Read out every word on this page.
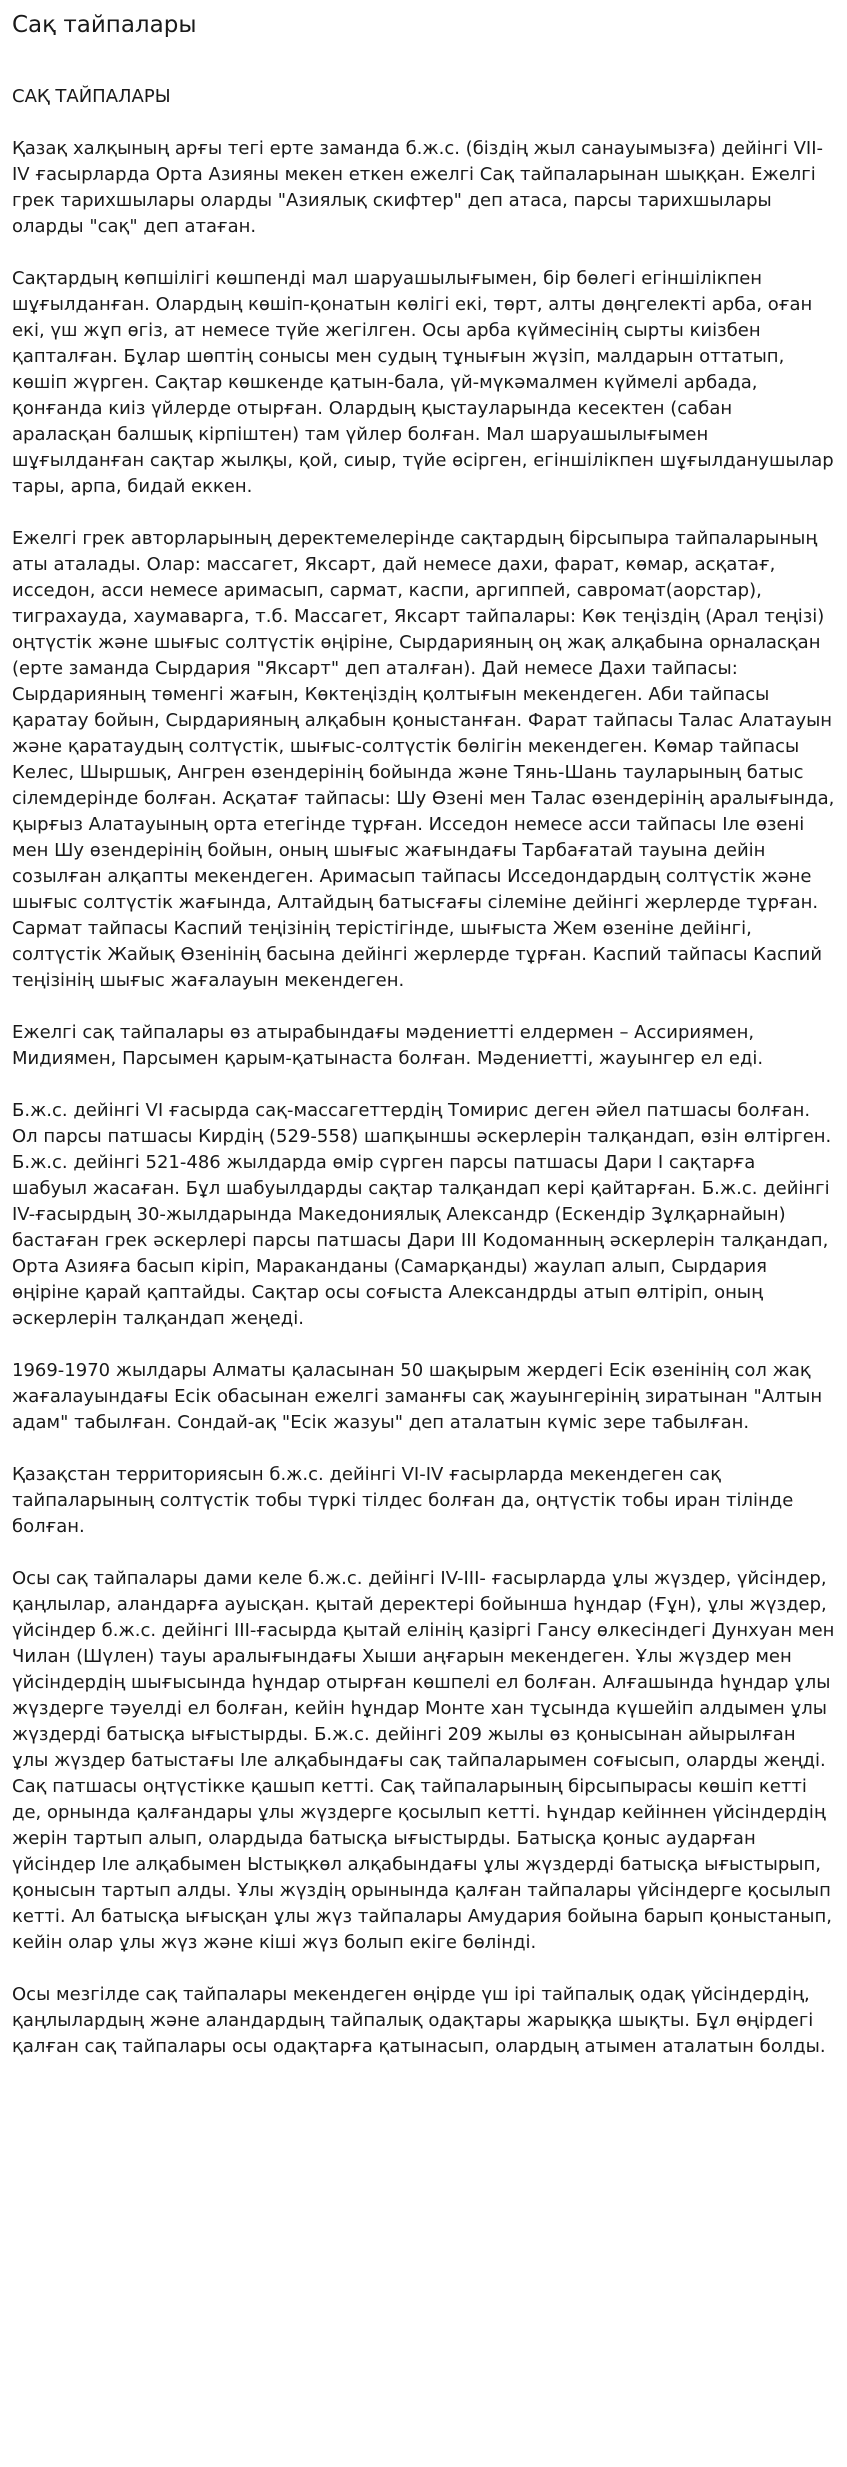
Сақ тайпалары
САҚ ТАЙПАЛАРЫ

Қазақ халқының арғы тегі ерте заманда б.ж.с. (біздің жыл санауымызға) дейінгі VII-IV ғасырларда Орта Азияны мекен еткен ежелгі Сақ тайпаларынан шыққан. Ежелгі грек тарихшылары оларды "Азиялық скифтер" деп атаса, парсы тарихшылары оларды "сақ" деп атаған.

Сақтардың көпшілігі көшпенді мал шаруашылығымен, бір бөлегі егіншілікпен шұғылданған. Олардың көшіп-қонатын көлігі екі, төрт, алты дөңгелекті арба, оған екі, үш жұп өгіз, ат немесе түйе жегілген. Осы арба күймесінің сырты киізбен қапталған. Бұлар шөптің сонысы мен судың тұнығын жүзіп, малдарын оттатып, көшіп жүрген. Сақтар көшкенде қатын-бала, үй-мүкәмалмен күймелі арбада, қонғанда киіз үйлерде отырған. Олардың қыстауларында кесектен (сабан араласқан балшық кірпіштен) там үйлер болған. Мал шаруашылығымен шұғылданған сақтар жылқы, қой, сиыр, түйе өсірген, егіншілікпен шұғылданушылар тары, арпа, бидай еккен.

Ежелгі грек авторларының деректемелерінде сақтардың бірсыпыра тайпаларының аты аталады. Олар: массагет, Яксарт, дай немесе дахи, фарат, көмар, асқатағ, исседон, асси немесе аримасып, сармат, каспи, аргиппей, савромат(аорстар), тиграхауда, хаумаварга, т.б. Массагет, Яксарт тайпалары: Көк теңіздің (Арал теңізі) оңтүстік және шығыс солтүстік өңіріне, Сырдарияның оң жақ алқабына орналасқан (ерте заманда Сырдария "Яксарт" деп аталған). Дай немесе Дахи тайпасы: Сырдарияның төменгі жағын, Көктеңіздің қолтығын мекендеген. Аби тайпасы қаратау бойын, Сырдарияның алқабын қоныстанған. Фарат тайпасы Талас Алатауын және қаратаудың солтүстік, шығыс-солтүстік бөлігін мекендеген. Көмар тайпасы Келес, Шыршық, Ангрен өзендерінің бойында және Тянь-Шань тауларының батыс сілемдерінде болған. Асқатағ тайпасы: Шу Өзені мен Талас өзендерінің аралығында, қырғыз Алатауының орта етегінде тұрған. Исседон немесе асси тайпасы Іле өзені мен Шу өзендерінің бойын, оның шығыс жағындағы Тарбағатай тауына дейін созылған алқапты мекендеген. Аримасып тайпасы Исседондардың солтүстік және шығыс солтүстік жағында, Алтайдың батысғағы сілеміне дейінгі жерлерде тұрған. Сармат тайпасы Каспий теңізінің терістігінде, шығыста Жем өзеніне дейінгі, солтүстік Жайық Өзенінің басына дейінгі жерлерде тұрған. Каспий тайпасы Каспий теңізінің шығыс жағалауын мекендеген.

Ежелгі сақ тайпалары өз атырабындағы мәдениетті елдермен – Ассириямен, Мидиямен, Парсымен қарым-қатынаста болған. Мәдениетті, жауынгер ел еді.

Б.ж.с. дейінгі VI ғасырда сақ-массагеттердің Томирис деген әйел патшасы болған. Ол парсы патшасы Кирдің (529-558) шапқыншы әскерлерін талқандап, өзін өлтірген. Б.ж.с. дейінгі 521-486 жылдарда өмір сүрген парсы патшасы Дари I сақтарға шабуыл жасаған. Бұл шабуылдарды сақтар талқандап кері қайтарған. Б.ж.с. дейінгі IV-ғасырдың 30-жылдарында Македониялық Александр (Ескендір Зұлқарнайын) бастаған грек әскерлері парсы патшасы Дари III Кодоманның әскерлерін талқандап, Орта Азияға басып кіріп, Мараканданы (Самарқанды) жаулап алып, Сырдария өңіріне қарай қаптайды. Сақтар осы соғыста Александрды атып өлтіріп, оның әскерлерін талқандап жеңеді.

1969-1970 жылдары Алматы қаласынан 50 шақырым жердегі Есік өзенінің сол жақ жағалауындағы Есік обасынан ежелгі заманғы сақ жауынгерінің зиратынан "Алтын адам" табылған. Сондай-ақ "Есік жазуы" деп аталатын күміс зере табылған.

Қазақстан территориясын б.ж.с. дейінгі VI-IV ғасырларда мекендеген сақ тайпаларының солтүстік тобы түркі тілдес болған да, оңтүстік тобы иран тілінде болған.

Осы сақ тайпалары дами келе б.ж.с. дейінгі IV-III- ғасырларда ұлы жүздер, үйсіндер, қаңлылар, аландарға ауысқан. қытай деректері бойынша һұндар (Ғұн), ұлы жүздер, үйсіндер б.ж.с. дейінгі III-ғасырда қытай елінің қазіргі Гансу өлкесіндегі Дунхуан мен Чилан (Шүлен) тауы аралығындағы Хыши аңғарын мекендеген. Ұлы жүздер мен үйсіндердің шығысында һұндар отырған көшпелі ел болған. Алғашында һұндар ұлы жүздерге тәуелді ел болған, кейін һұндар Монте хан тұсында күшейіп алдымен ұлы жүздерді батысқа ығыстырды. Б.ж.с. дейінгі 209 жылы өз қонысынан айырылған ұлы жүздер батыстағы Іле алқабындағы сақ тайпаларымен соғысып, оларды жеңді. Сақ патшасы оңтүстікке қашып кетті. Сақ тайпаларының бірсыпырасы көшіп кетті де, орнында қалғандары ұлы жүздерге қосылып кетті. Һұндар кейіннен үйсіндердің жерін тартып алып, олардыда батысқа ығыстырды. Батысқа қоныс аударған үйсіндер Іле алқабымен Ыстықкөл алқабындағы ұлы жүздерді батысқа ығыстырып, қонысын тартып алды. Ұлы жүздің орынында қалған тайпалары үйсіндерге қосылып кетті. Ал батысқа ығысқан ұлы жүз тайпалары Амудария бойына барып қоныстанып, кейін олар ұлы жүз және кіші жүз болып екіге бөлінді.

Осы мезгілде сақ тайпалары мекендеген өңірде үш ірі тайпалық одақ үйсіндердің, қаңлылардың және аландардың тайпалық одақтары жарыққа шықты. Бұл өңірдегі қалған сақ тайпалары осы одақтарға қатынасып, олардың атымен аталатын болды.
